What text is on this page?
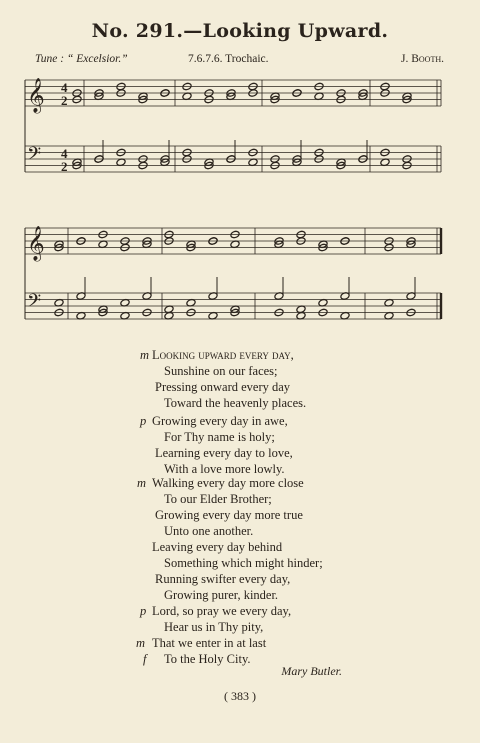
No. 291.—Looking Upward.
Tune : “ Excelsior.”	7.6.7.6. Trochaic.	J. Booth.
𝄞
𝄢
4
2
4
2
𝄞
𝄢
m Looking upward every day,
Sunshine on our faces;
Pressing onward every day
Toward the heavenly places.
p Growing every day in awe,
For Thy name is holy;
Learning every day to love,
With a love more lowly.
m Walking every day more close
To our Elder Brother;
Growing every day more true
Unto one another.
Leaving every day behind
Something which might hinder;
Running swifter every day,
Growing purer, kinder.
p Lord, so pray we every day,
Hear us in Thy pity,
m That we enter in at last
f To the Holy City.
Mary Butler.
( 383 )
